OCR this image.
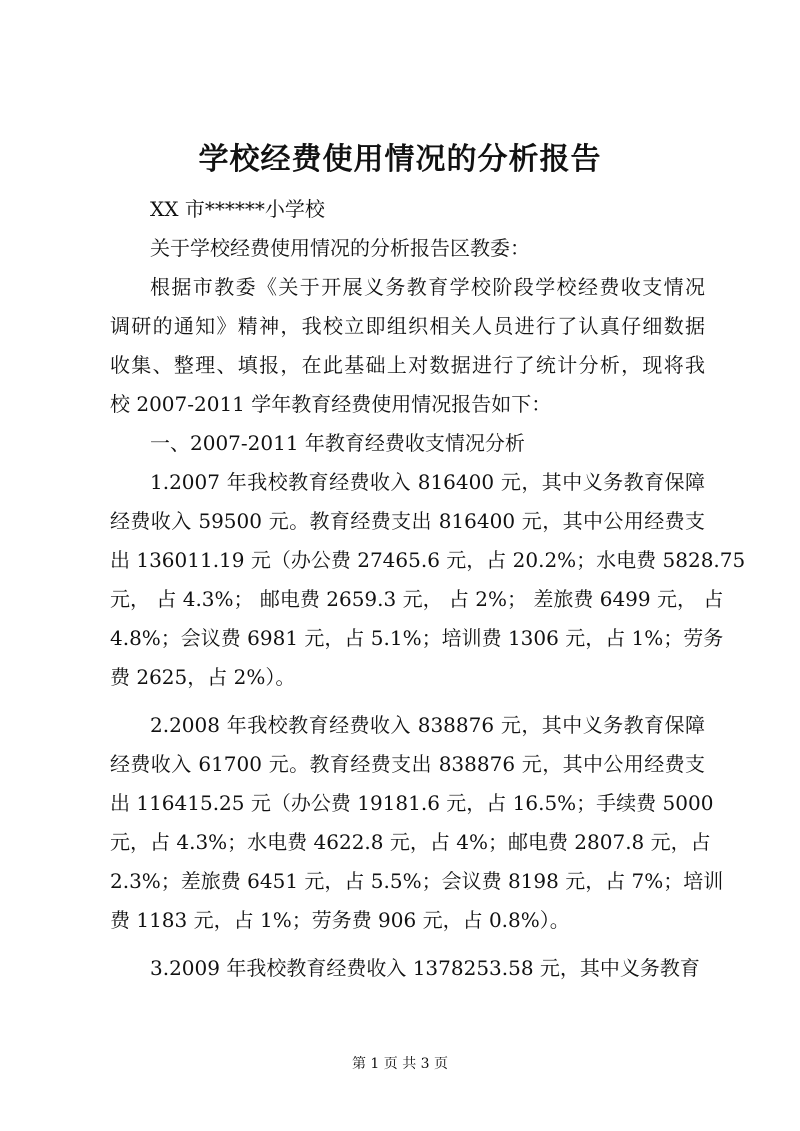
学校经费使用情况的分析报告
XX 市******小学校
关于学校经费使用情况的分析报告区教委：
根据市教委《关于开展义务教育学校阶段学校经费收支情况
调研的通知》精神，我校立即组织相关人员进行了认真仔细数据
收集、整理、填报，在此基础上对数据进行了统计分析，现将我
校 2007-2011 学年教育经费使用情况报告如下：
一、2007-2011 年教育经费收支情况分析
1.2007 年我校教育经费收入 816400 元，其中义务教育保障
经费收入 59500 元。教育经费支出 816400 元，其中公用经费支
出 136011.19 元（办公费 27465.6 元，占 20.2%；水电费 5828.75
元， 占 4.3%； 邮电费 2659.3 元， 占 2%； 差旅费 6499 元， 占
4.8%；会议费 6981 元，占 5.1%；培训费 1306 元，占 1%；劳务
费 2625，占 2%）。
2.2008 年我校教育经费收入 838876 元，其中义务教育保障
经费收入 61700 元。教育经费支出 838876 元，其中公用经费支
出 116415.25 元（办公费 19181.6 元，占 16.5%；手续费 5000
元，占 4.3%；水电费 4622.8 元，占 4%；邮电费 2807.8 元，占
2.3%；差旅费 6451 元，占 5.5%；会议费 8198 元，占 7%；培训
费 1183 元，占 1%；劳务费 906 元，占 0.8%）。
3.2009 年我校教育经费收入 1378253.58 元，其中义务教育
第 1 页 共 3 页
